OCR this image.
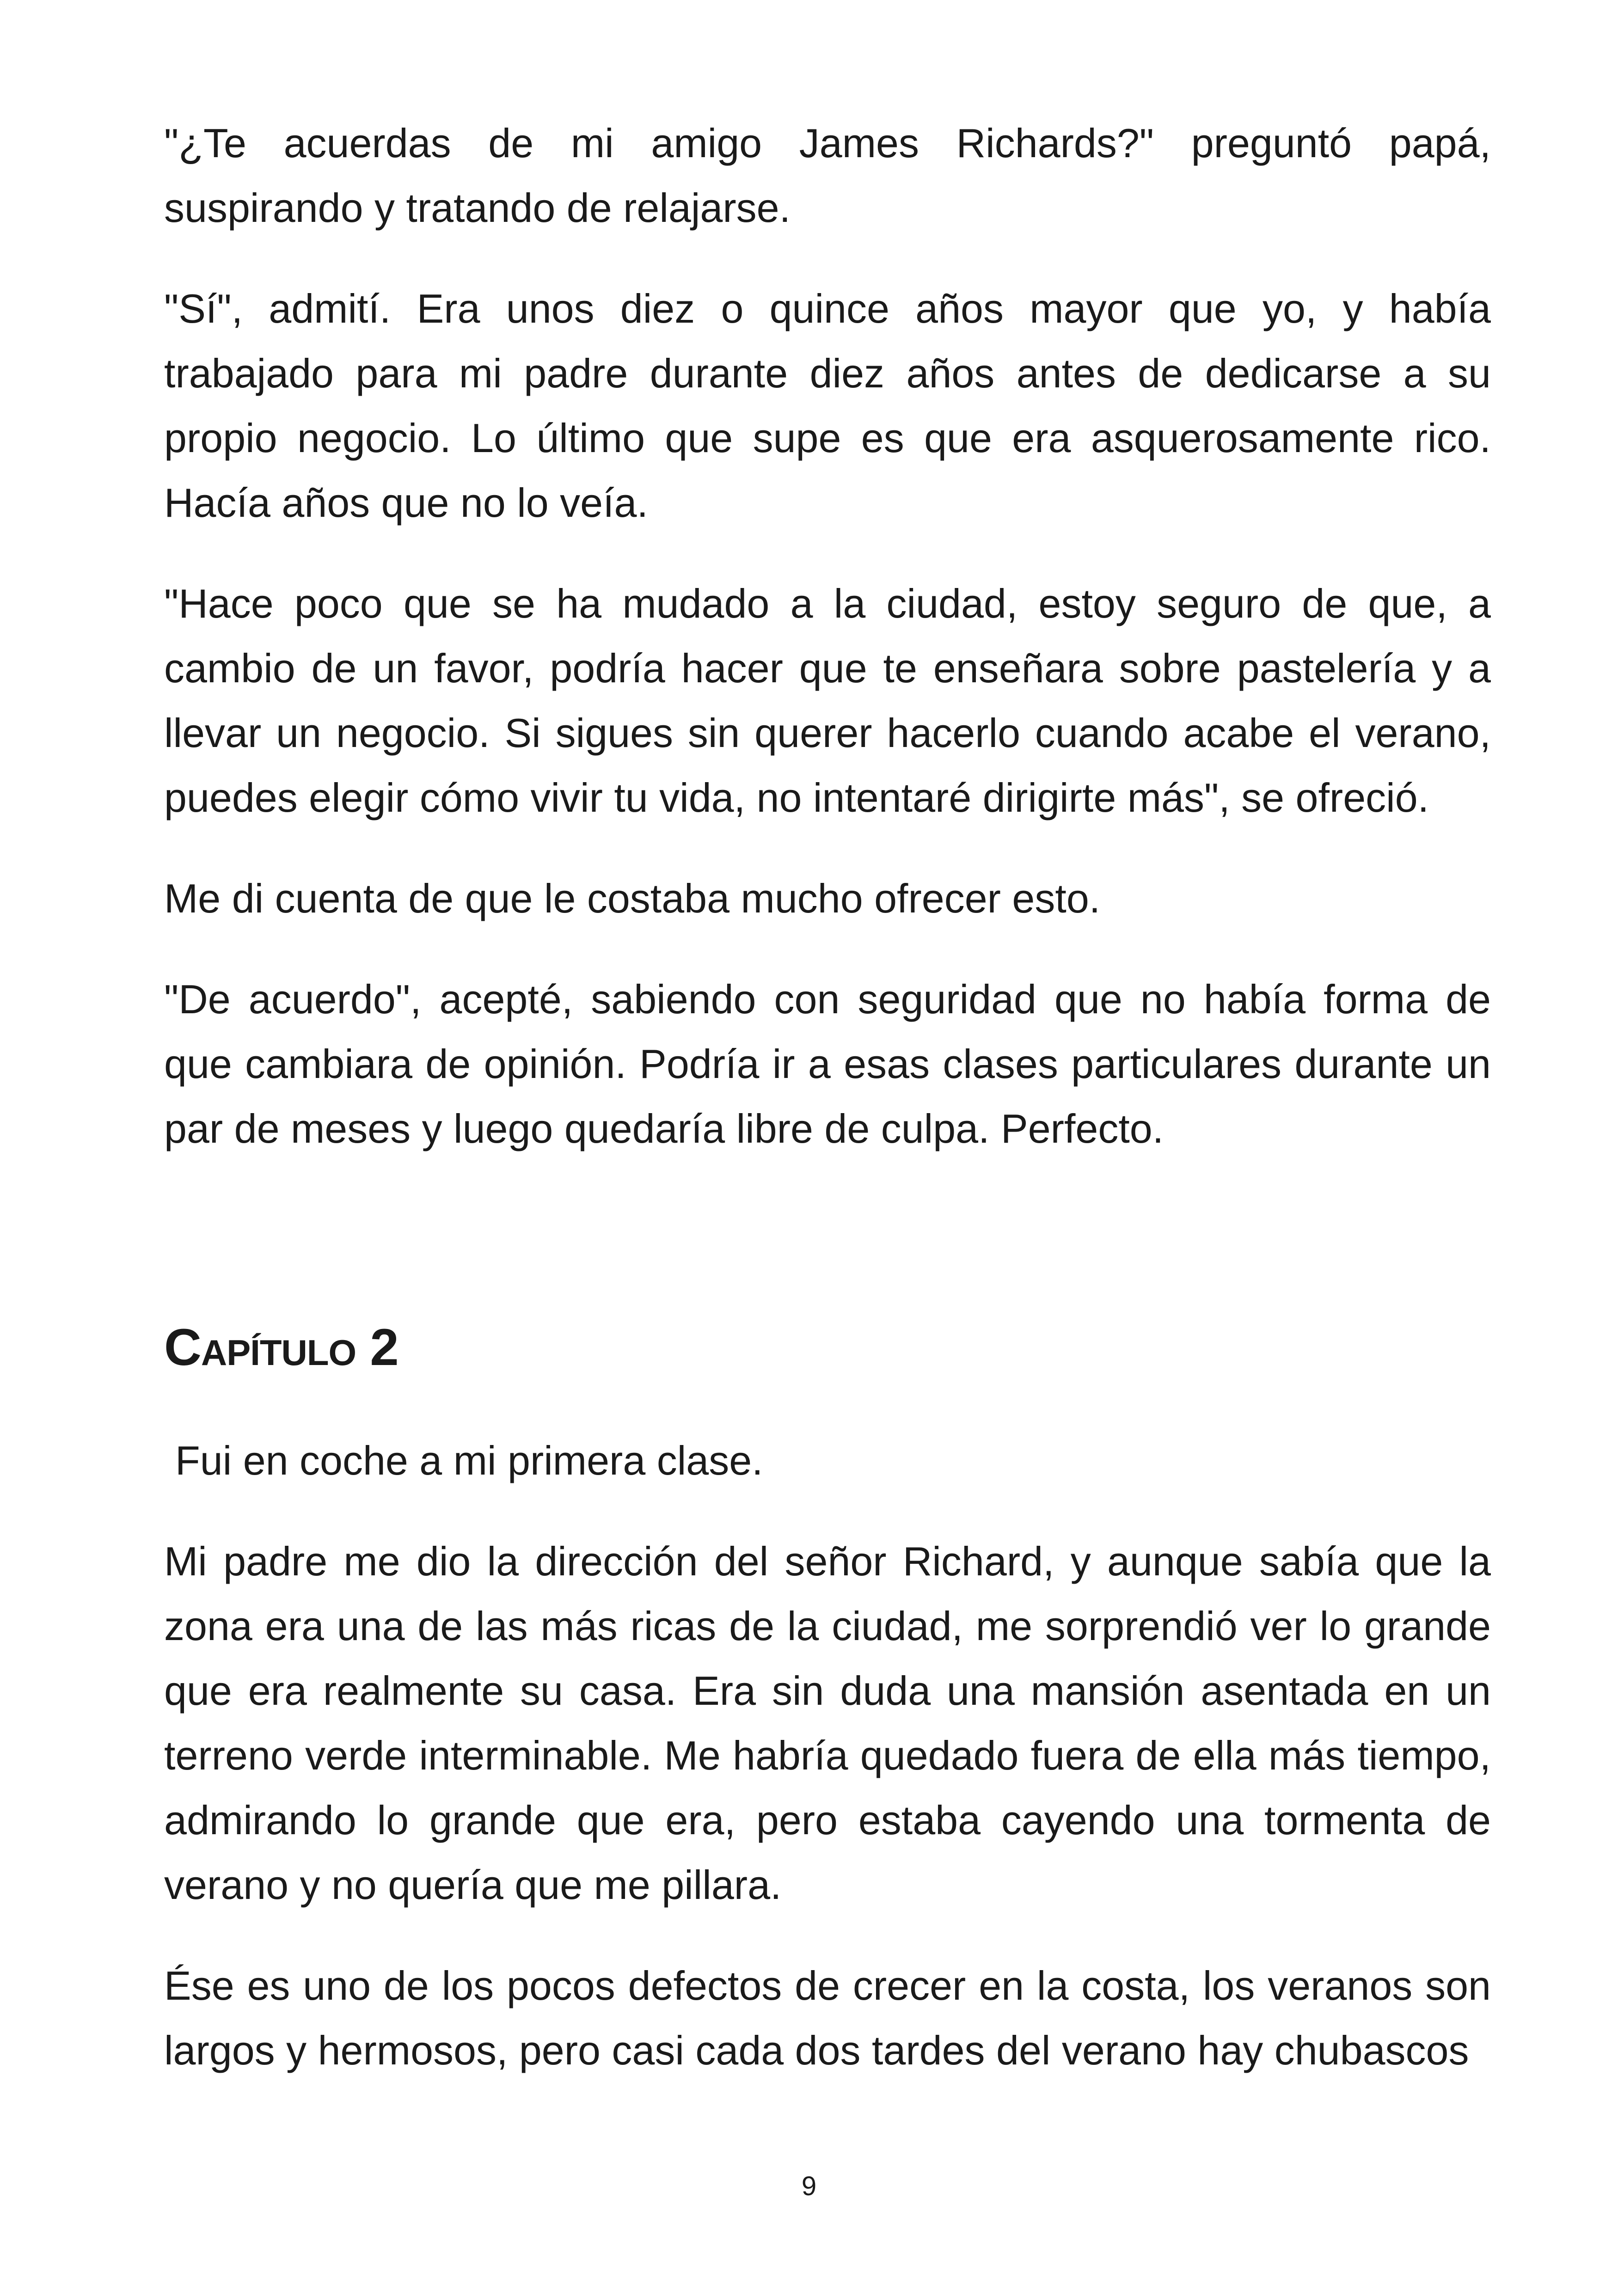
"¿Te acuerdas de mi amigo James Richards?" preguntó papá, suspirando y tratando de relajarse.

"Sí", admití. Era unos diez o quince años mayor que yo, y había trabajado para mi padre durante diez años antes de dedicarse a su propio negocio. Lo último que supe es que era asquerosamente rico. Hacía años que no lo veía.

"Hace poco que se ha mudado a la ciudad, estoy seguro de que, a cambio de un favor, podría hacer que te enseñara sobre pastelería y a llevar un negocio. Si sigues sin querer hacerlo cuando acabe el verano, puedes elegir cómo vivir tu vida, no intentaré dirigirte más", se ofreció.

Me di cuenta de que le costaba mucho ofrecer esto.

"De acuerdo", acepté, sabiendo con seguridad que no había forma de que cambiara de opinión. Podría ir a esas clases particulares durante un par de meses y luego quedaría libre de culpa. Perfecto.

Capítulo 2

Fui en coche a mi primera clase.

Mi padre me dio la dirección del señor Richard, y aunque sabía que la zona era una de las más ricas de la ciudad, me sorprendió ver lo grande que era realmente su casa. Era sin duda una mansión asentada en un terreno verde interminable. Me habría quedado fuera de ella más tiempo, admirando lo grande que era, pero estaba cayendo una tormenta de verano y no quería que me pillara.

Ése es uno de los pocos defectos de crecer en la costa, los veranos son largos y hermosos, pero casi cada dos tardes del verano hay chubascos

9
